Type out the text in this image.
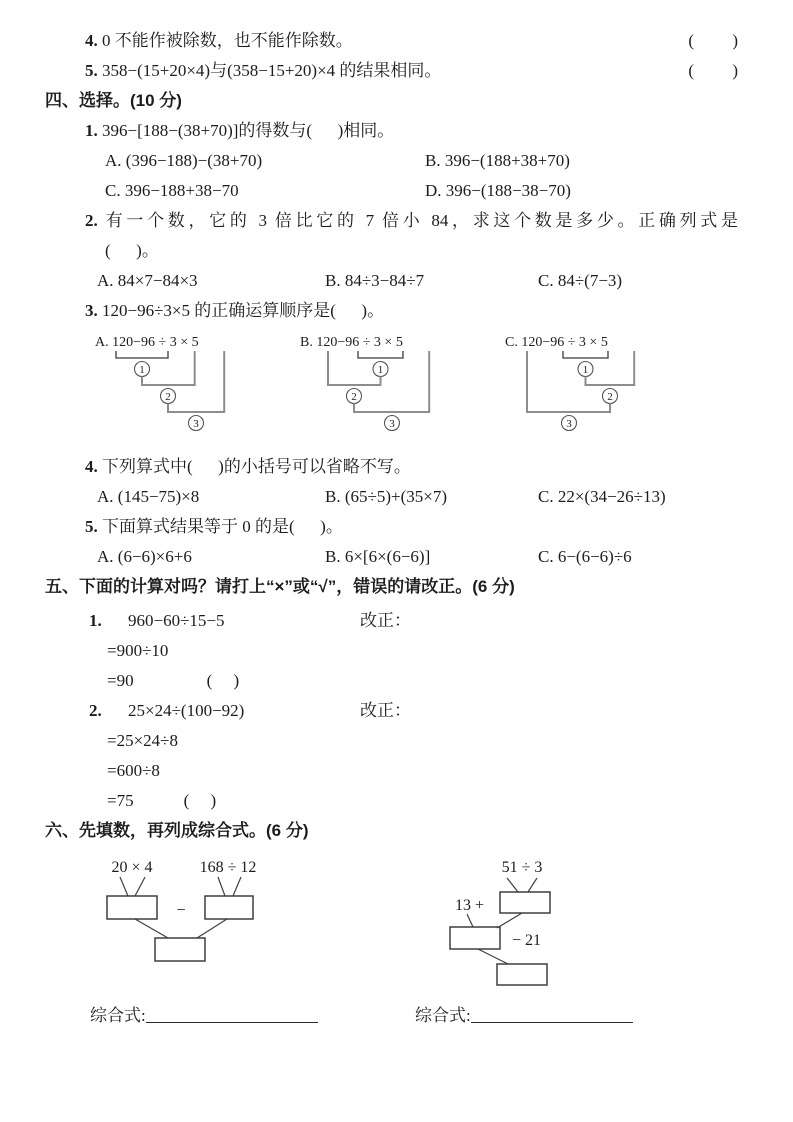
4. 0 不能作被除数，也不能作除数。	(         )
5. 358−(15+20×4)与(358−15+20)×4 的结果相同。	(         )
四、选择。(10 分)
1. 396−[188−(38+70)]的得数与(      )相同。
A. (396−188)−(38+70)	B. 396−(188+38+70)
C. 396−188+38−70	D. 396−(188−38−70)
2. 有一个数，它的 3 倍比它的 7 倍小 84，求这个数是多少。正确列式是
(      )。
A. 84×7−84×3	B. 84÷3−84÷7	C. 84÷(7−3)
3. 120−96÷3×5 的正确运算顺序是(      )。
A. 120−96 ÷ 3 × 5
1
2
3
B. 120−96 ÷ 3 × 5
1
2
3
C. 120−96 ÷ 3 × 5
1
2
3
4. 下列算式中(      )的小括号可以省略不写。
A. (145−75)×8	B. (65÷5)+(35×7)	C. 22×(34−26÷13)
5. 下面算式结果等于 0 的是(      )。
A. (6−6)×6+6	B. 6×[6×(6−6)]	C. 6−(6−6)÷6
五、下面的计算对吗？请打上“×”或“√”，错误的请改正。(6 分)
1. 960−60÷15−5	改正：
=900÷10
=90	(     )
2. 25×24÷(100−92)	改正：
=25×24÷8
=600÷8
=75	(     )
六、先填数，再列成综合式。(6 分)
20 × 4	168 ÷ 12
−
51 ÷ 3
13 +
− 21
综合式:	综合式:
